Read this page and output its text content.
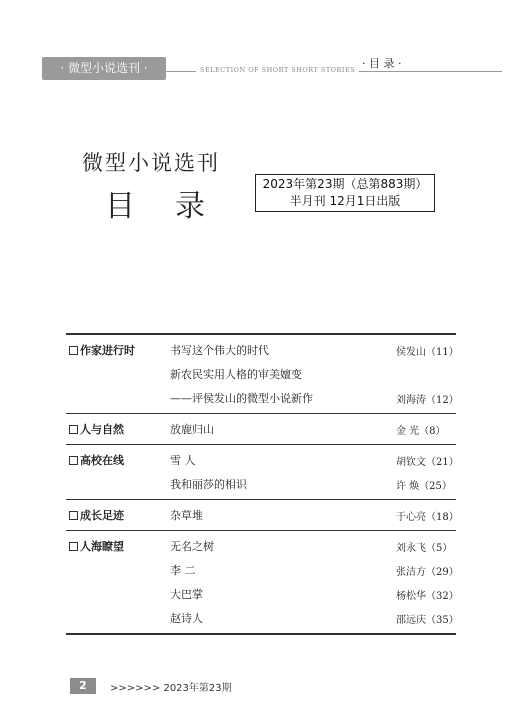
· 微型小说选刊 ·	SELECTION OF SHORT SHORT STORIES · 目 录 ·
微型小说选刊
目录
2023年第23期（总第883期）
半月刊 12月1日出版
作家进行时	书写这个伟大的时代	侯发山（11）
新农民实用人格的审美嬗变
——评侯发山的微型小说新作	刘海涛（12）
人与自然	放鹿归山	金 光（8）
高校在线	雪 人	胡钦文（21）
我和丽莎的相识	许 焕（25）
成长足迹	杂草堆	于心亮（18）
人海瞭望	无名之树	刘永飞（5）
李 二	张洁方（29）
大巴掌	杨松华（32）
赵诗人	邵远庆（35）
2	>>>>>> 2023年第23期
